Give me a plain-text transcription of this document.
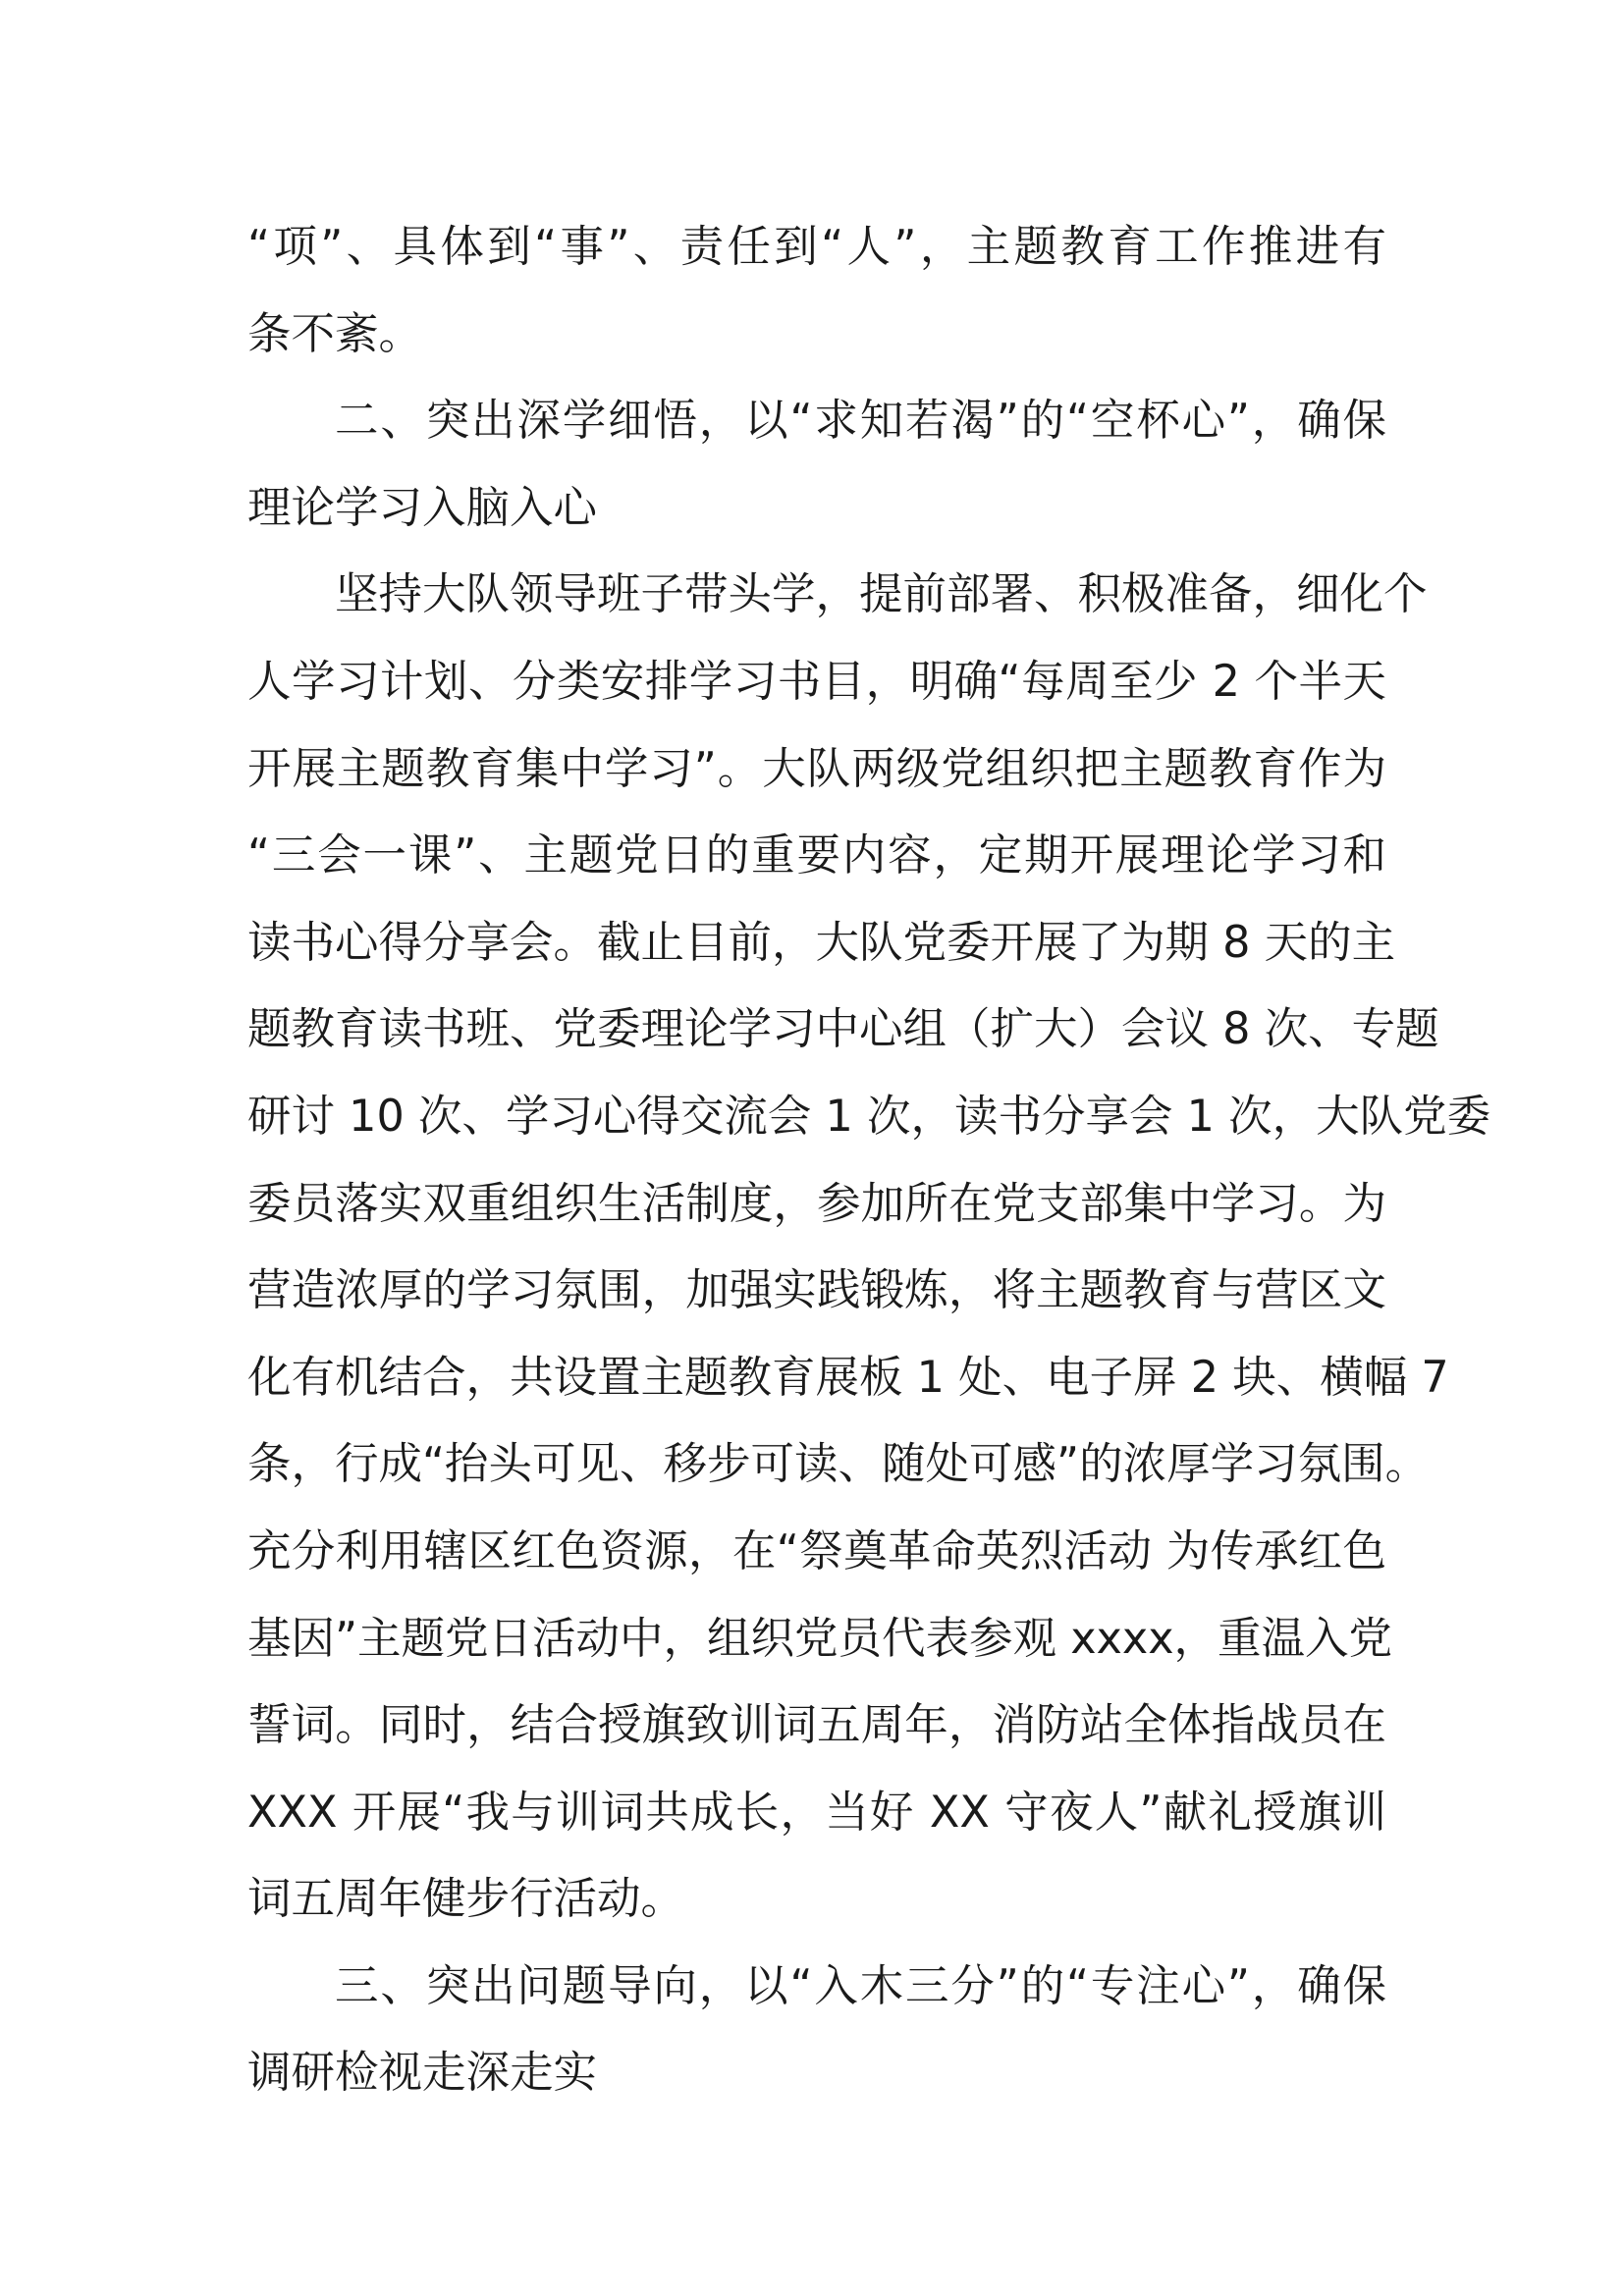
“项”、具体到“事”、责任到“人”，主题教育工作推进有
条不紊。
二、突出深学细悟，以“求知若渴”的“空杯心”，确保
理论学习入脑入心
坚持大队领导班子带头学，提前部署、积极准备，细化个
人学习计划、分类安排学习书目，明确“每周至少 2 个半天
开展主题教育集中学习”。大队两级党组织把主题教育作为
“三会一课”、主题党日的重要内容，定期开展理论学习和
读书心得分享会。截止目前，大队党委开展了为期 8 天的主
题教育读书班、党委理论学习中心组（扩大）会议 8 次、专题
研讨 10 次、学习心得交流会 1 次，读书分享会 1 次，大队党委
委员落实双重组织生活制度，参加所在党支部集中学习。为
营造浓厚的学习氛围，加强实践锻炼，将主题教育与营区文
化有机结合，共设置主题教育展板 1 处、电子屏 2 块、横幅 7
条，行成“抬头可见、移步可读、随处可感”的浓厚学习氛围。
充分利用辖区红色资源，在“祭奠革命英烈活动 为传承红色
基因”主题党日活动中，组织党员代表参观 xxxx，重温入党
誓词。同时，结合授旗致训词五周年，消防站全体指战员在
XXX 开展“我与训词共成长，当好 XX 守夜人”献礼授旗训
词五周年健步行活动。
三、突出问题导向，以“入木三分”的“专注心”，确保
调研检视走深走实
